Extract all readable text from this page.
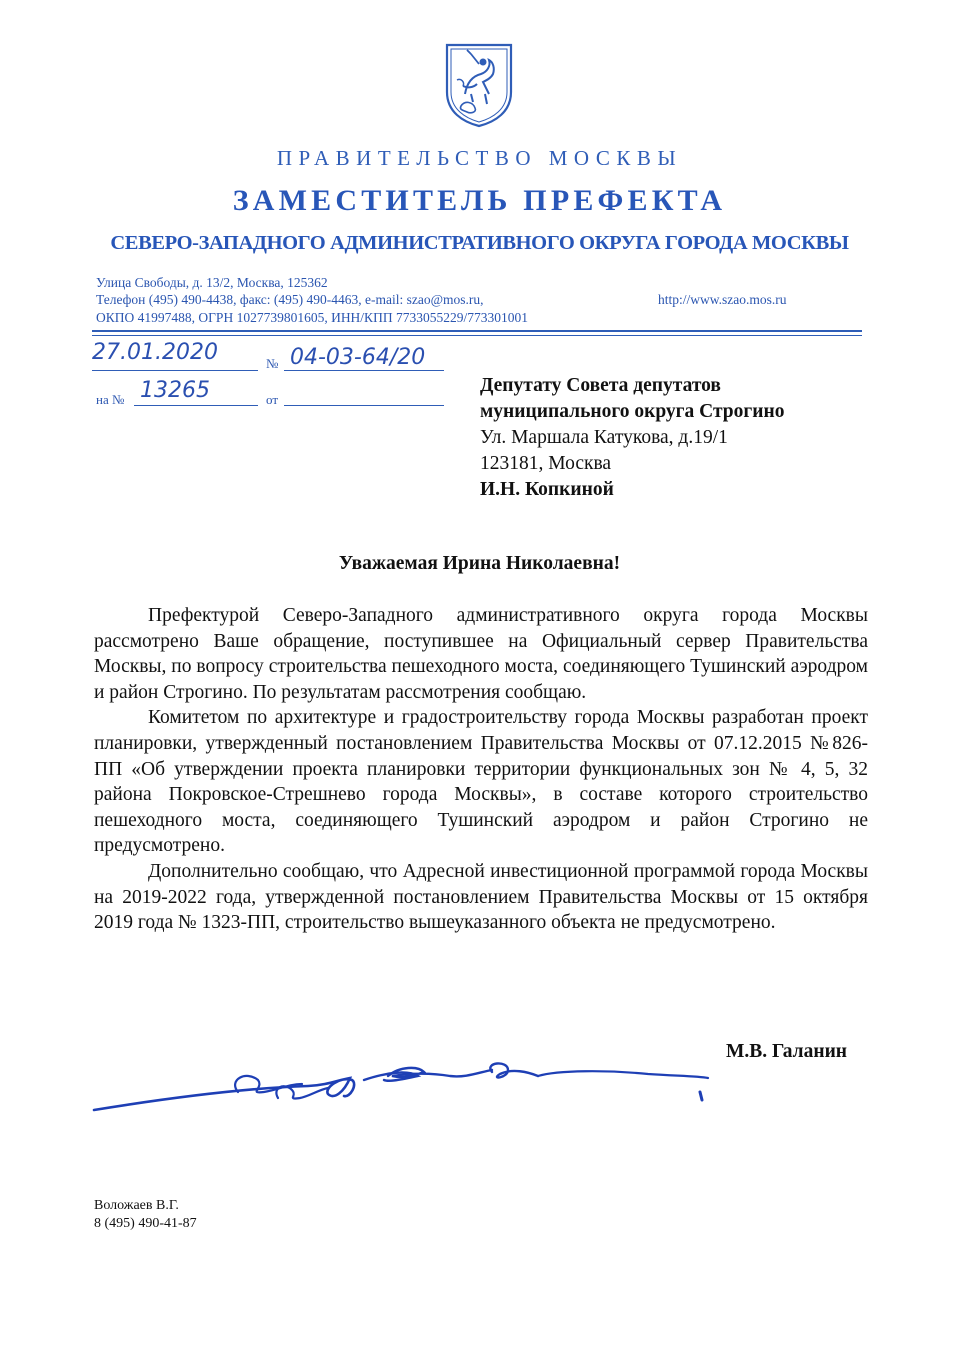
ПРАВИТЕЛЬСТВО МОСКВЫ
ЗАМЕСТИТЕЛЬ ПРЕФЕКТА
СЕВЕРО-ЗАПАДНОГО АДМИНИСТРАТИВНОГО ОКРУГА ГОРОДА МОСКВЫ
Улица Свободы, д. 13/2, Москва, 125362
Телефон (495) 490-4438, факс: (495) 490-4463, e-mail: szao@mos.ru,	http://www.szao.mos.ru
ОКПО 41997488, ОГРН 1027739801605, ИНН/КПП 7733055229/773301001
27.01.2020	№ 04-03-64/20
на № 13265	от
Депутату Совета депутатов
муниципального округа Строгино
Ул. Маршала Катукова, д.19/1
123181, Москва
И.Н. Копкиной
Уважаемая Ирина Николаевна!

Префектурой Северо-Западного административного округа города Москвы рассмотрено Ваше обращение, поступившее на Официальный сервер Правительства Москвы, по вопросу строительства пешеходного моста, соединяющего Тушинский аэродром и район Строгино. По результатам рассмотрения сообщаю.

Комитетом по архитектуре и градостроительству города Москвы разработан проект планировки, утвержденный постановлением Правительства Москвы от 07.12.2015 №826-ПП «Об утверждении проекта планировки территории функциональных зон № 4, 5, 32 района Покровское-Стрешнево города Москвы», в составе которого строительство пешеходного моста, соединяющего Тушинский аэродром и район Строгино не предусмотрено.

Дополнительно сообщаю, что Адресной инвестиционной программой города Москвы на 2019-2022 года, утвержденной постановлением Правительства Москвы от 15 октября 2019 года № 1323-ПП, строительство вышеуказанного объекта не предусмотрено.

М.В. Галанин
Воложаев В.Г.
8 (495) 490-41-87
